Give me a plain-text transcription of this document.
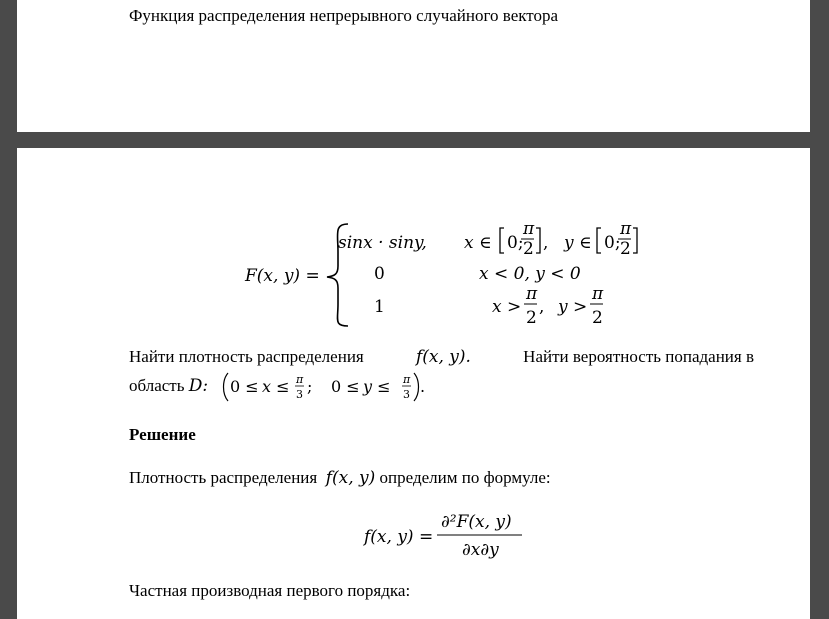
Функция распределения непрерывного случайного вектора
F(x, y) =
sinx · siny, x ∈ 0;
π
2 , y ∈ 0;
π
2
0	x < 0, y < 0
1	x >
π
2
, y >
π
2
Найти плотность распределения	f(x, y).	Найти вероятность попадания в
область D: 0 ≤ x ≤ π
3 ; 0 ≤ y ≤ π
3 .
Решение
Плотность распределения f(x, y) определим по формуле:
f(x, y) =
∂²F(x, y)
∂x∂y
Частная производная первого порядка:
